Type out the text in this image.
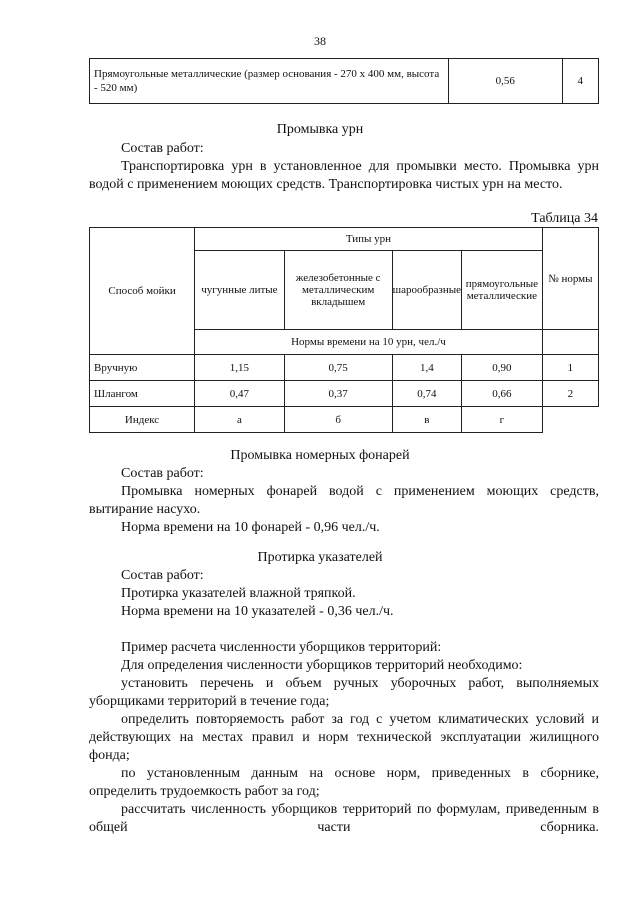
38
Прямоугольные металлические (размер основания - 270 х 400 мм, высота - 520 мм)	0,56	4
Промывка урн
Состав работ:
Транспортировка урн в установленное для промывки место. Промывка урн водой с применением моющих средств. Транспортировка чистых урн на место.
Таблица 34
Способ мойки	Типы урн				№ нормы
	чугунные литые	железобетонные с металлическим вкладышем	шарообразные	прямоугольные металлические	
	Нормы времени на 10 урн, чел./ч				
Вручную	1,15	0,75	1,4	0,90	1
Шлангом	0,47	0,37	0,74	0,66	2
Индекс	а	б	в	г	
Промывка номерных фонарей
Состав работ:
Промывка номерных фонарей водой с применением моющих средств, вытирание насухо.
Норма времени на 10 фонарей - 0,96 чел./ч.
Протирка указателей
Состав работ:
Протирка указателей влажной тряпкой.
Норма времени на 10 указателей - 0,36 чел./ч.
Пример расчета численности уборщиков территорий:
Для определения численности уборщиков территорий необходимо:
установить перечень и объем ручных уборочных работ, выполняемых уборщиками территорий в течение года;
определить повторяемость работ за год с учетом климатических условий и действующих на местах правил и норм технической эксплуатации жилищного фонда;
по установленным данным на основе норм, приведенных в сборнике, определить трудоемкость работ за год;
рассчитать численность уборщиков территорий по формулам, приведенным в общей части сборника.
